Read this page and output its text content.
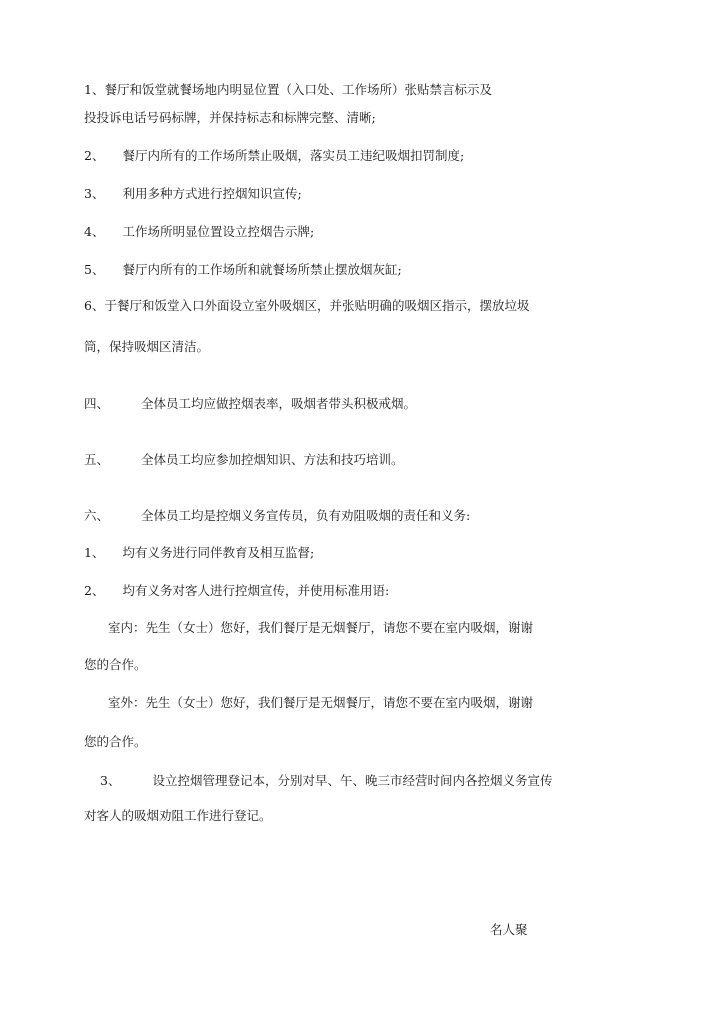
1、餐厅和饭堂就餐场地内明显位置（入口处、工作场所）张贴禁言标示及
投投诉电话号码标牌，并保持标志和标牌完整、清晰;
2、 餐厅内所有的工作场所禁止吸烟，落实员工违纪吸烟扣罚制度;
3、 利用多种方式进行控烟知识宣传;
4、 工作场所明显位置设立控烟告示牌;
5、 餐厅内所有的工作场所和就餐场所禁止摆放烟灰缸;
6、于餐厅和饭堂入口外面设立室外吸烟区，并张贴明确的吸烟区指示，摆放垃圾
筒，保持吸烟区清洁。
四、	全体员工均应做控烟表率，吸烟者带头积极戒烟。
五、	全体员工均应参加控烟知识、方法和技巧培训。
六、	全体员工均是控烟义务宣传员，负有劝阻吸烟的责任和义务:
1、 均有义务进行同伴教育及相互监督;
2、 均有义务对客人进行控烟宣传，并使用标准用语:
室内：先生（女士）您好，我们餐厅是无烟餐厅，请您不要在室内吸烟，谢谢
您的合作。
室外：先生（女士）您好，我们餐厅是无烟餐厅，请您不要在室内吸烟，谢谢
您的合作。
3、	设立控烟管理登记本，分别对早、午、晚三市经营时间内各控烟义务宣传
对客人的吸烟劝阻工作进行登记。
名人聚
